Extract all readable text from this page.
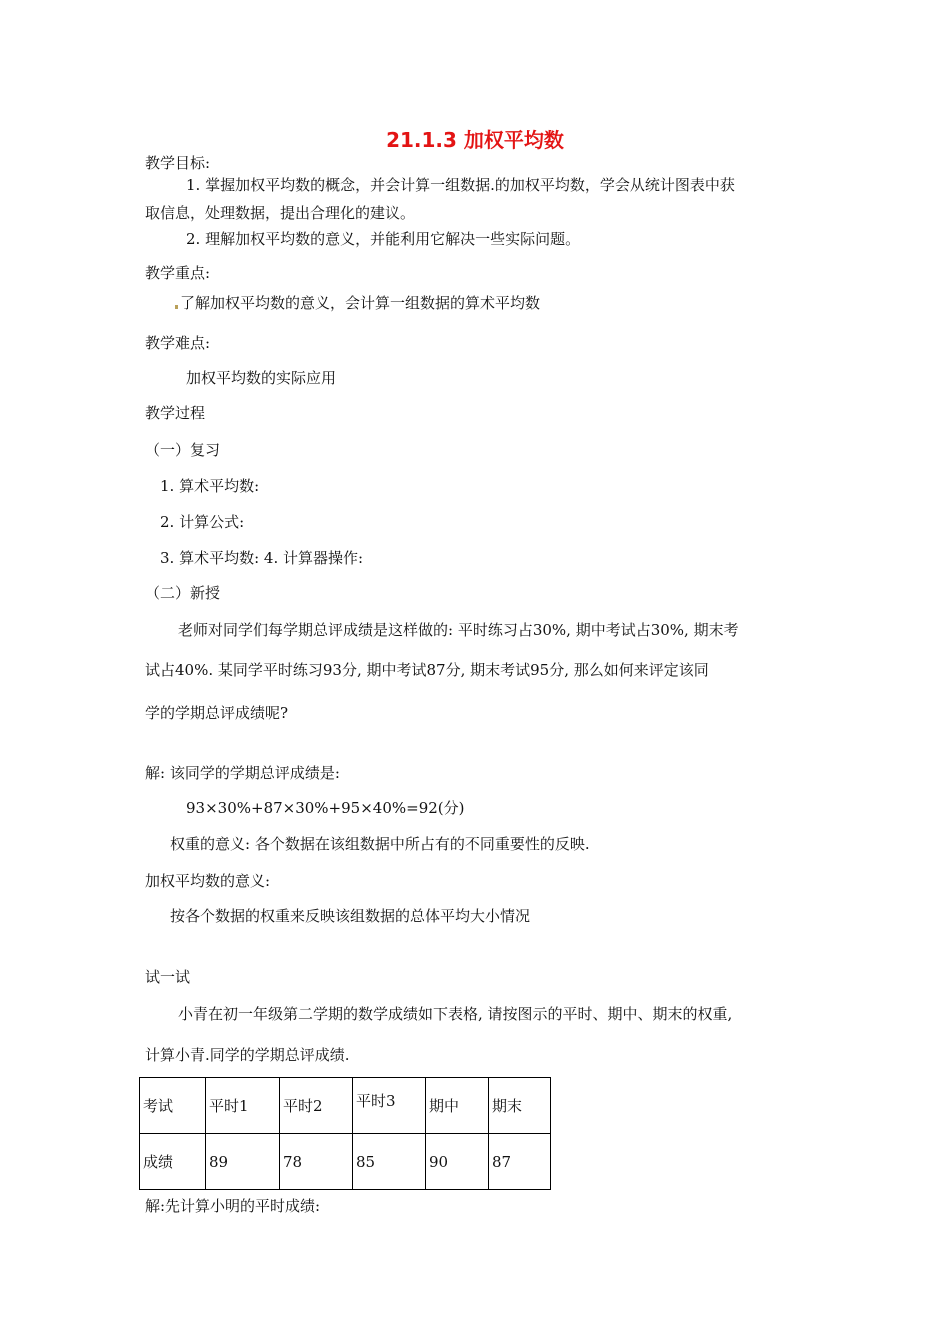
21.1.3 加权平均数
教学目标:
1. 掌握加权平均数的概念，并会计算一组数据.的加权平均数，学会从统计图表中获
取信息，处理数据，提出合理化的建议。
2. 理解加权平均数的意义，并能利用它解决一些实际问题。
教学重点:
了解加权平均数的意义，会计算一组数据的算术平均数
教学难点:
加权平均数的实际应用
教学过程
（一）复习
1. 算术平均数:
2. 计算公式:
3. 算术平均数: 4. 计算器操作:
（二）新授
老师对同学们每学期总评成绩是这样做的: 平时练习占30%, 期中考试占30%, 期末考
试占40%. 某同学平时练习93分, 期中考试87分, 期末考试95分, 那么如何来评定该同
学的学期总评成绩呢?
解: 该同学的学期总评成绩是:
93×30%+87×30%+95×40%=92(分)
权重的意义: 各个数据在该组数据中所占有的不同重要性的反映.
加权平均数的意义:
按各个数据的权重来反映该组数据的总体平均大小情况
试一试
小青在初一年级第二学期的数学成绩如下表格, 请按图示的平时、期中、期末的权重,
计算小青.同学的学期总评成绩.
考试	平时1	平时2	平时3	期中	期末
成绩	89	78	85	90	87
解:先计算小明的平时成绩:
